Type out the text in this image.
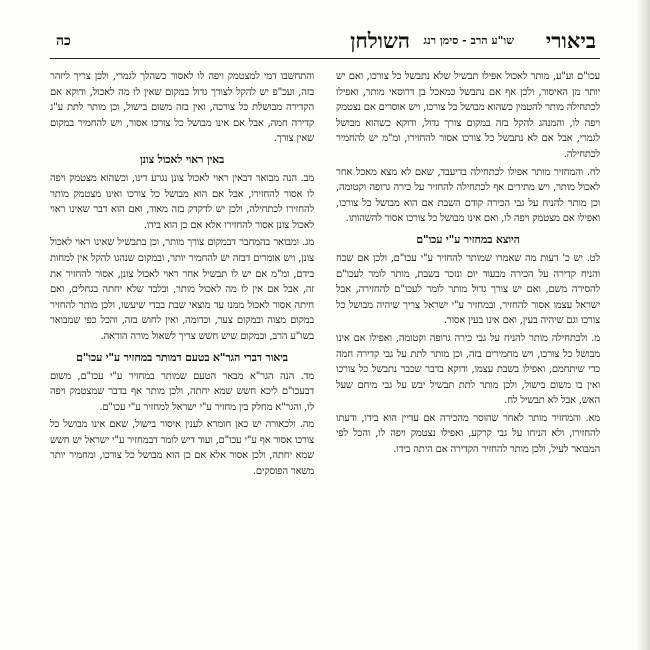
ביאורי
שו"ע הרב - סימן רנג
השולחן
כה

עכו"ם וע"ע, מותר לאכול אפילו תבשיל שלא נתבשל כל צורכו, ואם יש יותר מן האיסור, ולכן אף אם נתבשל כמאכל בן דרוסאי מותר, ואפילו לכתחילה מותר להטמין כשהוא מבושל כל צורכו, ויש אוסרים אם נצטמק ויפה לו, והמנהג להקל בזה במקום צורך גדול, ודוקא כשהוא מבושל לגמרי, אבל אם לא נתבשל כל צורכו אסור להחזירו, ומ"מ יש להחמיר לכתחילה.

לח. והמחזיר מותר אפילו לכתחילה בדיעבד, שאם לא מצא מאכל אחר לאכול מותר, ויש מתירים אף לכתחילה להחזיר על כירה גרופה וקטומה, וכן מותר להניח על גבי הכירה קודם השבת אם הוא מבושל כל צורכו, ואפילו אם מצטמק ויפה לו, ואם אינו מבושל כל צורכו אסור להשהותו.

היוצא במחזיר ע"י עכו"ם

לט. יש כ' דעות מה שאמרו שמותר להחזיר ע"י עכו"ם, ולכן אם שכח והניח קדירה על הכירה מבעוד יום ונזכר בשבת, מותר לומר לעכו"ם להסירה משם, ואם יש צורך גדול מותר לומר לעכו"ם להחזירה, אבל ישראל עצמו אסור להחזיר, ובמחזיר ע"י ישראל צריך שיהיה מבושל כל צורכו וגם שיהיה בעין, ואם אינו בעין אסור.

מ. ולכתחילה מותר להניח על גבי כירה גרופה וקטומה, ואפילו אם אינו מבושל כל צורכו, ויש מחמירים בזה, וכן מותר לתת על גבי קדירה חמה כדי שיתחמם, ואפילו בשבת עצמו, ודוקא בדבר שכבר נתבשל כל צורכו ואין בו משום בישול, ולכן מותר לתת תבשיל יבש על גבי מיחם שעל האש, אבל לא תבשיל לח.

מא. והמחזיר מותר לאחר שהוסר מהכירה אם עדיין הוא בידו, ודעתו להחזירו, ולא הניחו על גבי קרקע, ואפילו נצטמק ויפה לו, והכל לפי המבואר לעיל, ולכן מותר להחזיר הקדירה אם היתה בידו.

והתחשבו דמי למצטמק ויפה לו לאסור כשהלך לגמרי, ולכן צריך ליזהר בזה, ועכ"פ יש להקל לצורך גדול במקום שאין לו מה לאכול, ודוקא אם הקדירה מבושלת כל צורכה, ואין בזה משום בישול, וכן מותר לתת ע"ג קדירה חמה, אבל אם אינו מבושל כל צורכו אסור, ויש להחמיר במקום שאין צורך.

באין ראוי לאכול צונן

מב. הנה מבואר דבאין ראוי לאכול צונן נגרע דינו, וכשהוא מצטמק ויפה לו אסור להחזירו, אבל אם הוא מבושל כל צורכו ואינו מצטמק מותר להחזירו לכתחילה, ולכן יש לדקדק בזה מאוד, ואם הוא דבר שאינו ראוי לאכול צונן אסור להחזירו אלא אם כן הוא בידו.

מג. ומבואר בהמחבר דבמקום צורך מותר, וכן בתבשיל שאינו ראוי לאכול צונן, ויש אומרים דבזה יש להחמיר יותר, ובמקום שנהגו להקל אין למחות בידם, ומ"מ אם יש לו תבשיל אחר ראוי לאכול צונן, אסור להחזיר את זה, אבל אם אין לו מה לאכול מותר, ובלבד שלא יחתה בגחלים, ואם חיתה אסור לאכול ממנו עד מוצאי שבת בכדי שיעשו, ולכן מותר להחזיר במקום מצוה ובמקום צער, וכדומה, ואין לחוש בזה, והכל כפי שמבואר בשו"ע הרב, ובמקום שיש חשש צריך לשאול מורה הוראה.

ביאור דברי הגר"א בטעם דמותר במחזיר ע"י עכו"ם

מד. הנה הגר"א מבאר הטעם שמותר במחזיר ע"י עכו"ם, משום דבעכו"ם ליכא חשש שמא יחתה, ולכן מותר אף בדבר שמצטמק ויפה לו, והגר"א מחלק בין מחזיר ע"י ישראל למחזיר ע"י עכו"ם.

מה. ולכאורה יש כאן חומרא לענין איסור בישול, שאם אינו מבושל כל צורכו אסור אף ע"י עכו"ם, ועוד דיש לומר דבמחזיר ע"י ישראל יש חשש שמא יחתה, ולכן אסור אלא אם כן הוא מבושל כל צורכו, ומחמיר יותר משאר הפוסקים.
